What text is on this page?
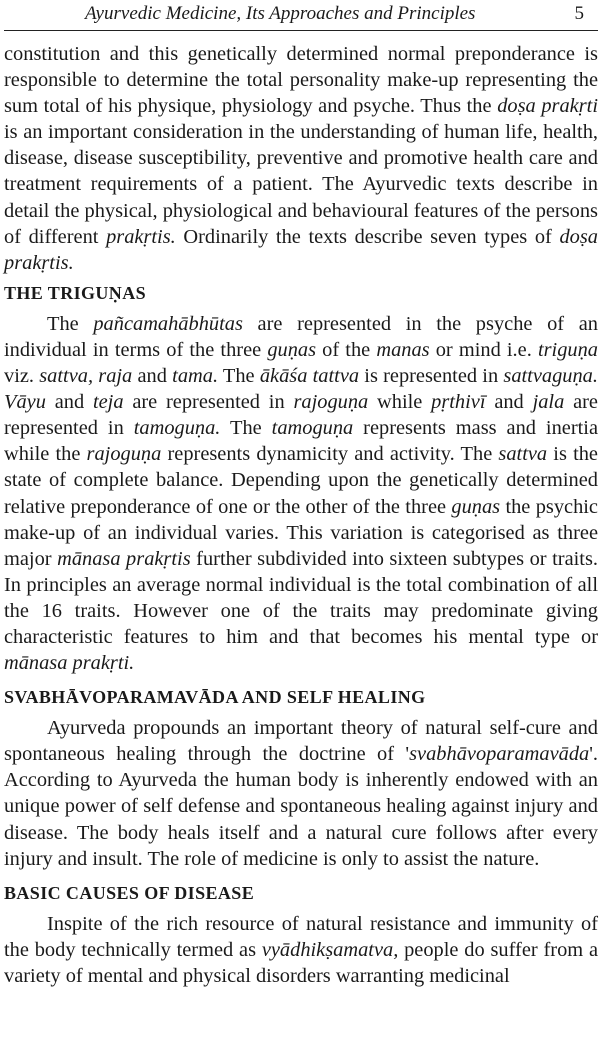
Ayurvedic Medicine, Its Approaches and Principles	5

constitution and this genetically determined normal preponderance is responsible to determine the total personality make-up representing the sum total of his physique, physiology and psyche. Thus the doṣa prakṛti is an important consideration in the understanding of human life, health, disease, disease susceptibility, preventive and promotive health care and treatment requirements of a patient. The Ayurvedic texts describe in detail the physical, physiological and behavioural features of the persons of different prakṛtis. Ordinarily the texts describe seven types of doṣa prakṛtis.

THE TRIGUṆAS

The pañcamahābhūtas are represented in the psyche of an individual in terms of the three guṇas of the manas or mind i.e. triguṇa viz. sattva, raja and tama. The ākāśa tattva is represented in sattvaguṇa. Vāyu and teja are represented in rajoguṇa while pṛthivī and jala are represented in tamoguṇa. The tamoguṇa represents mass and inertia while the rajoguṇa represents dynamicity and activity. The sattva is the state of complete balance. Depending upon the genetically determined relative preponderance of one or the other of the three guṇas the psychic make-up of an individual varies. This variation is categorised as three major mānasa prakṛtis further subdivided into sixteen subtypes or traits. In principles an average normal individual is the total combination of all the 16 traits. However one of the traits may predominate giving characteristic features to him and that becomes his mental type or mānasa prakṛti.

SVABHĀVOPARAMAVĀDA AND SELF HEALING

Ayurveda propounds an important theory of natural self-cure and spontaneous healing through the doctrine of 'svabhāvoparamavāda'. According to Ayurveda the human body is inherently endowed with an unique power of self defense and spontaneous healing against injury and disease. The body heals itself and a natural cure follows after every injury and insult. The role of medicine is only to assist the nature.

BASIC CAUSES OF DISEASE

Inspite of the rich resource of natural resistance and immunity of the body technically termed as vyādhikṣamatva, people do suffer from a variety of mental and physical disorders warranting medicinal
